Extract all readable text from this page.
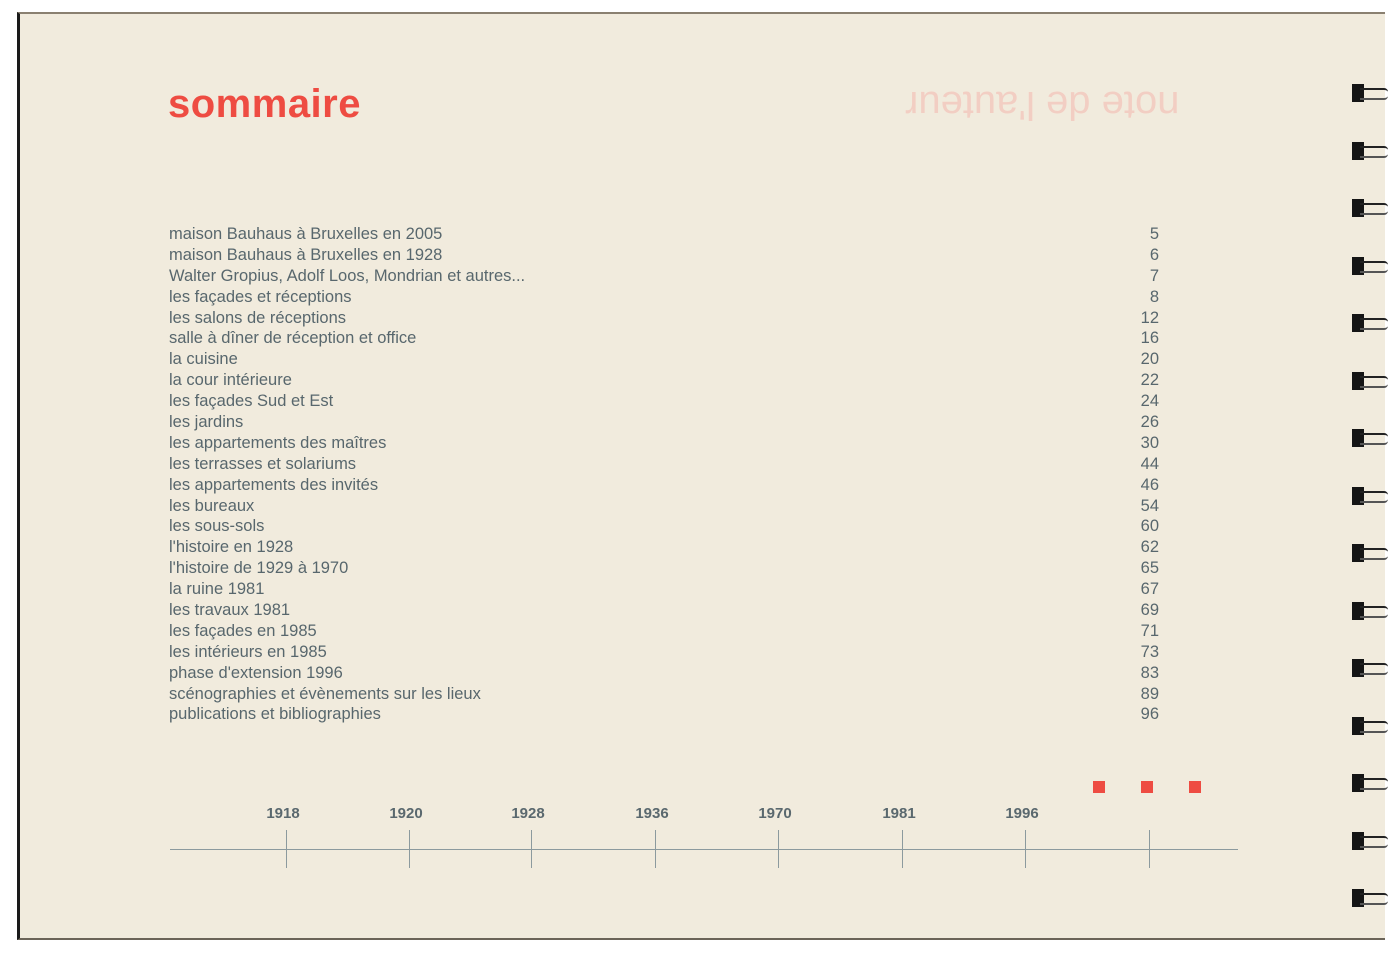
note de l'auteur
sommaire
maison Bauhaus à Bruxelles en 2005	5
maison Bauhaus à Bruxelles en 1928	6
Walter Gropius, Adolf Loos, Mondrian et autres...	7
les façades et réceptions	8
les salons de réceptions	12
salle à dîner de réception et office	16
la cuisine	20
la cour intérieure	22
les façades Sud et Est	24
les jardins	26
les appartements des maîtres	30
les terrasses et solariums	44
les appartements des invités	46
les bureaux	54
les sous-sols	60
l'histoire en 1928	62
l'histoire de 1929 à 1970	65
la ruine 1981	67
les travaux 1981	69
les façades en 1985	71
les intérieurs en 1985	73
phase d'extension 1996	83
scénographies et évènements sur les lieux	89
publications et bibliographies	96
1918	1920	1928	1936	1970	1981	1996
